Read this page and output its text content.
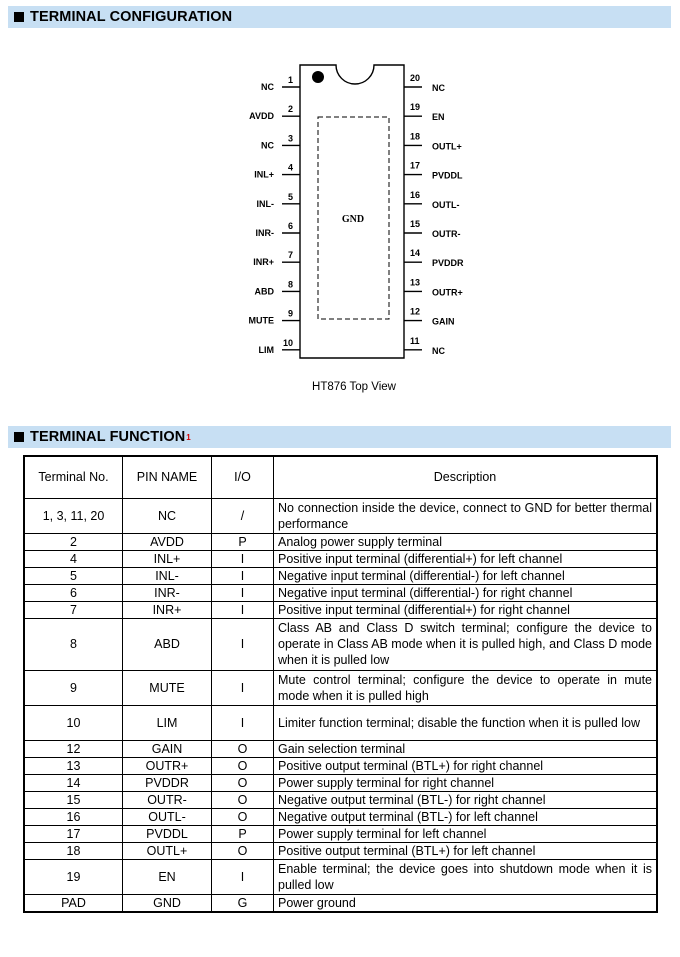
TERMINAL CONFIGURATION
GND
1
NC
2
AVDD
3
NC
4
INL+
5
INL-
6
INR-
7
INR+
8
ABD
9
MUTE
10
LIM
20
NC
19
EN
18
OUTL+
17
PVDDL
16
OUTL-
15
OUTR-
14
PVDDR
13
OUTR+
12
GAIN
11
NC
HT876 Top View
TERMINAL FUNCTION 1
Terminal No.	PIN NAME	I/O	Description
1, 3, 11, 20	NC	/	No connection inside the device, connect to GND for better thermal performance
2	AVDD	P	Analog power supply terminal
4	INL+	I	Positive input terminal (differential+) for left channel
5	INL-	I	Negative input terminal (differential-) for left channel
6	INR-	I	Negative input terminal (differential-) for right channel
7	INR+	I	Positive input terminal (differential+) for right channel
8	ABD	I	Class AB and Class D switch terminal; configure the device to operate in Class AB mode when it is pulled high, and Class D mode when it is pulled low
9	MUTE	I	Mute control terminal; configure the device to operate in mute mode when it is pulled high
10	LIM	I	Limiter function terminal; disable the function when it is pulled low
12	GAIN	O	Gain selection terminal
13	OUTR+	O	Positive output terminal (BTL+) for right channel
14	PVDDR	O	Power supply terminal for right channel
15	OUTR-	O	Negative output terminal (BTL-) for right channel
16	OUTL-	O	Negative output terminal (BTL-) for left channel
17	PVDDL	P	Power supply terminal for left channel
18	OUTL+	O	Positive output terminal (BTL+) for left channel
19	EN	I	Enable terminal; the device goes into shutdown mode when it is pulled low
PAD	GND	G	Power ground
